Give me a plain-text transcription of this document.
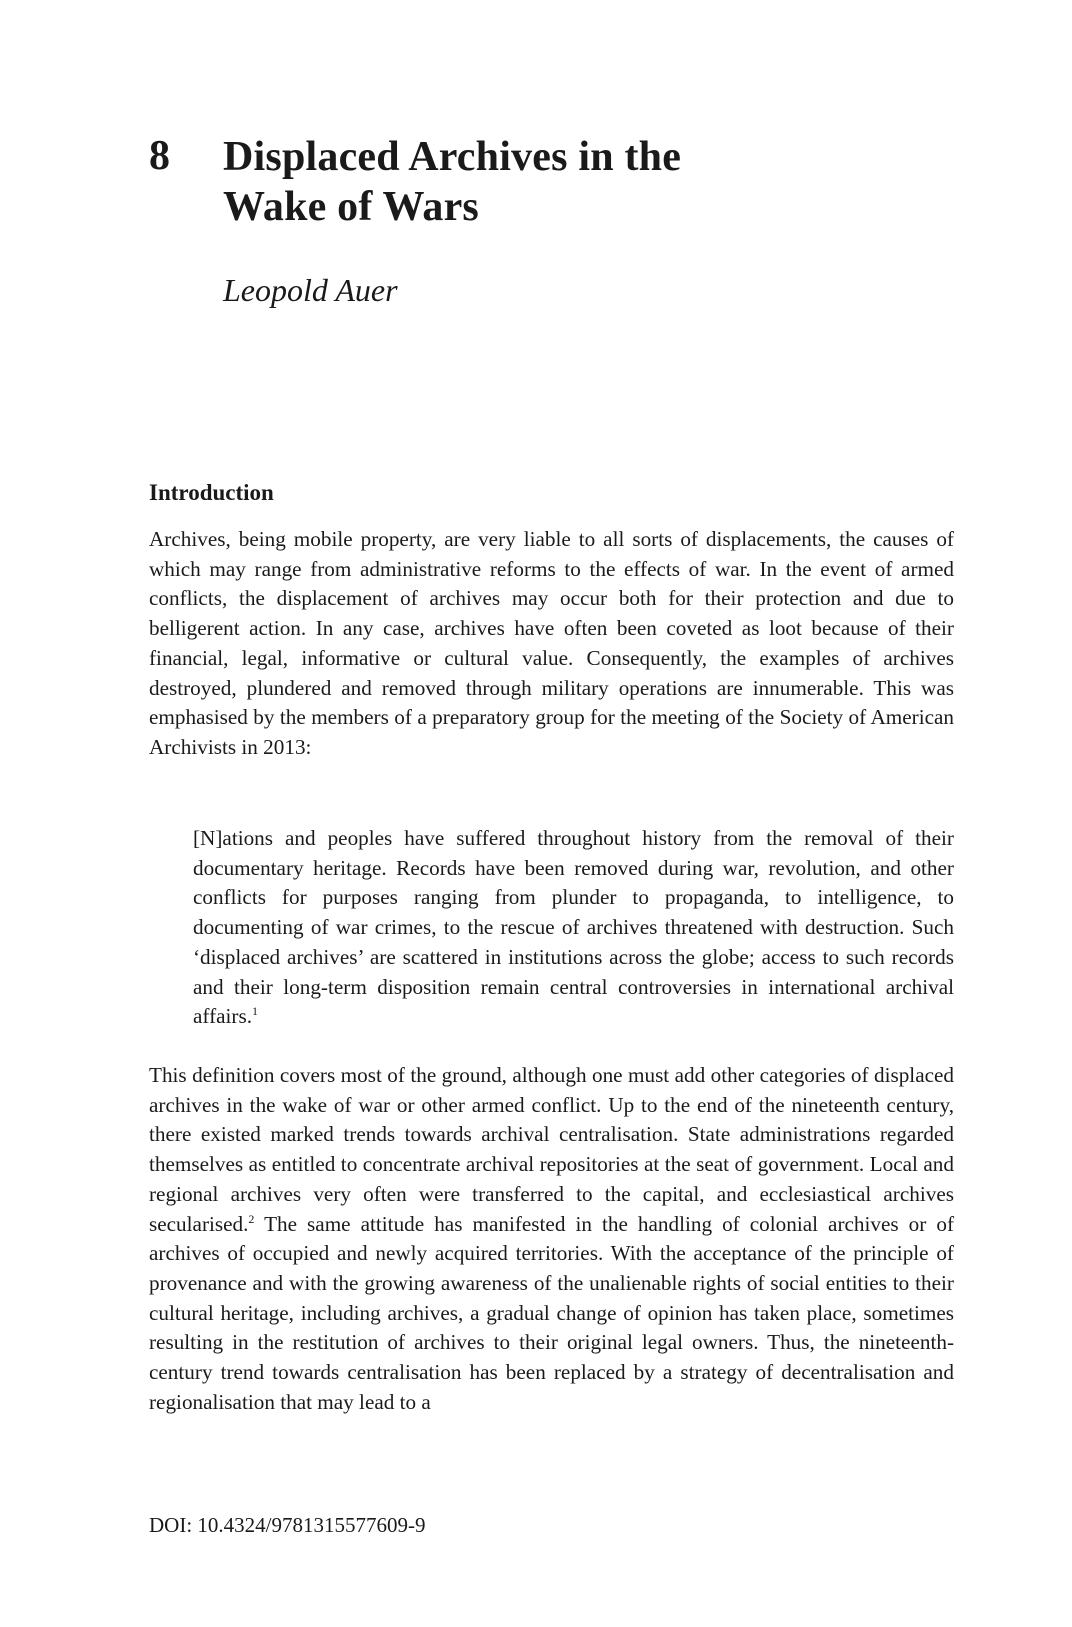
8 Displaced Archives in the
Wake of Wars
Leopold Auer
Introduction

Archives, being mobile property, are very liable to all sorts of displacements, the causes of which may range from administrative reforms to the effects of war. In the event of armed conflicts, the displacement of archives may occur both for their protection and due to belligerent action. In any case, archives have often been coveted as loot because of their financial, legal, informative or cultural value. Consequently, the examples of archives destroyed, plundered and removed through military operations are innumerable. This was emphasised by the members of a preparatory group for the meeting of the Society of American Archivists in 2013:

[N]ations and peoples have suffered throughout history from the removal of their documentary heritage. Records have been removed during war, revolution, and other conflicts for purposes ranging from plunder to propaganda, to intelligence, to documenting of war crimes, to the rescue of archives threatened with destruction. Such ‘displaced archives’ are scattered in institutions across the globe; access to such records and their long-term disposition remain central controversies in international archival affairs.$^1$

This definition covers most of the ground, although one must add other categories of displaced archives in the wake of war or other armed conflict. Up to the end of the nineteenth century, there existed marked trends towards archival centralisation. State administrations regarded themselves as entitled to concentrate archival repositories at the seat of government. Local and regional archives very often were transferred to the capital, and ecclesiastical archives secularised.$^2$ The same attitude has manifested in the handling of colonial archives or of archives of occupied and newly acquired territories. With the acceptance of the principle of provenance and with the growing awareness of the unalienable rights of social entities to their cultural heritage, including archives, a gradual change of opinion has taken place, sometimes resulting in the restitution of archives to their original legal owners. Thus, the nineteenth-century trend towards centralisation has been replaced by a strategy of decentralisation and regionalisation that may lead to a

DOI: 10.4324/9781315577609-9
